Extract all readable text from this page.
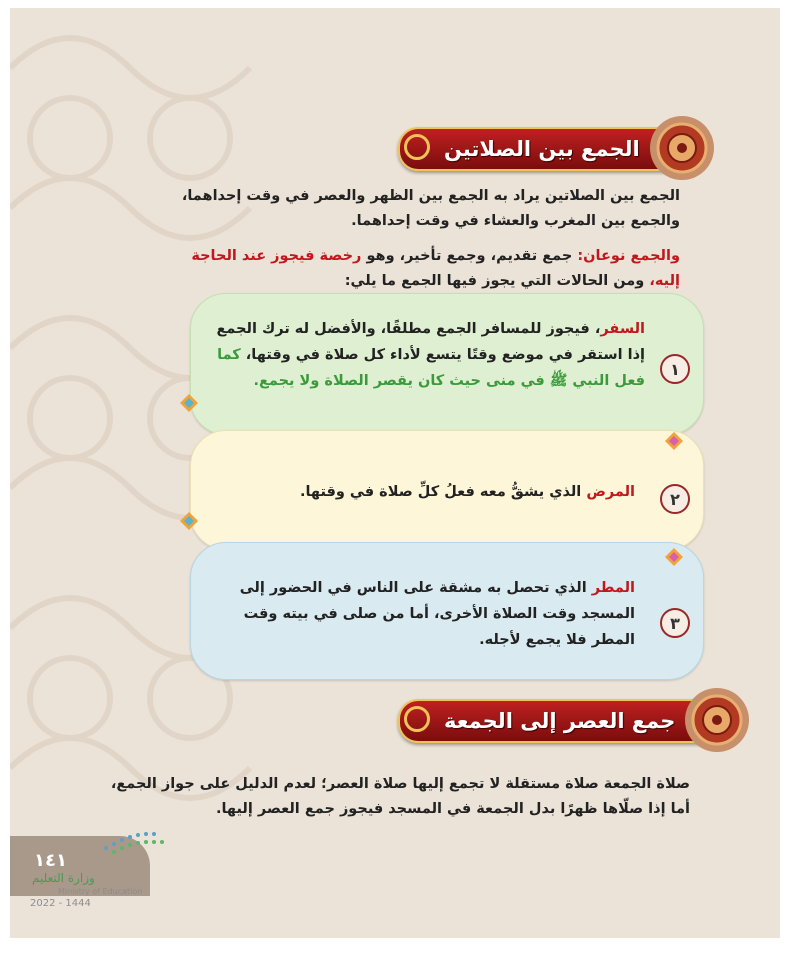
الجمع بين الصلاتين
الجمع بين الصلاتين يراد به الجمع بين الظهر والعصر في وقت إحداهما، والجمع بين المغرب والعشاء في وقت إحداهما.
والجمع نوعان: جمع تقديم، وجمع تأخير، وهو رخصة فيجوز عند الحاجة إليه، ومن الحالات التي يجوز فيها الجمع ما يلي:
السفر، فيجوز للمسافر الجمع مطلقًا، والأفضل له ترك الجمع إذا استقر في موضع وقتًا يتسع لأداء كل صلاة في وقتها، كما فعل النبي ﷺ في منى حيث كان يقصر الصلاة ولا يجمع.
١
المرض الذي يشقُّ معه فعلُ كلِّ صلاة في وقتها.	٢
المطر الذي تحصل به مشقة على الناس في الحضور إلى المسجد وقت الصلاة الأخرى، أما من صلى في بيته وقت المطر فلا يجمع لأجله.
٣
جمع العصر إلى الجمعة
صلاة الجمعة صلاة مستقلة لا تجمع إليها صلاة العصر؛ لعدم الدليل على جواز الجمع، أما إذا صلّاها ظهرًا بدل الجمعة في المسجد فيجوز جمع العصر إليها.
١٤١
وزارة التعليم
Ministry of Education
2022 - 1444
